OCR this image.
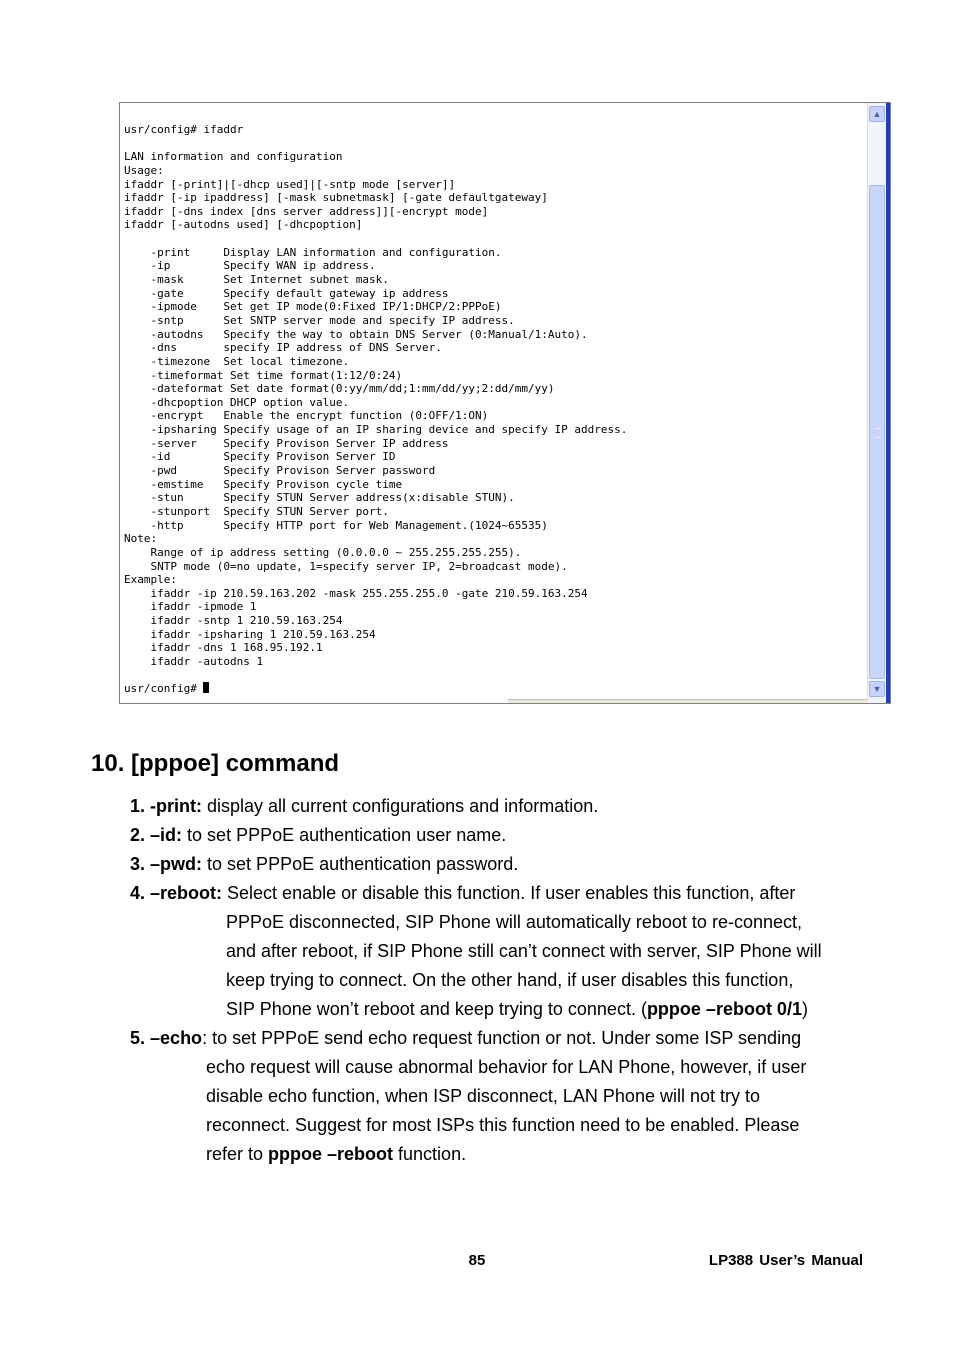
usr/config# ifaddr
LAN information and configuration
Usage:
ifaddr [-print]|[-dhcp used]|[-sntp mode [server]]
ifaddr [-ip ipaddress] [-mask subnetmask] [-gate defaultgateway]
ifaddr [-dns index [dns server address]][-encrypt mode]
ifaddr [-autodns used] [-dhcpoption]
-print     Display LAN information and configuration.
-ip        Specify WAN ip address.
-mask      Set Internet subnet mask.
-gate      Specify default gateway ip address
-ipmode    Set get IP mode(0:Fixed IP/1:DHCP/2:PPPoE)
-sntp      Set SNTP server mode and specify IP address.
-autodns   Specify the way to obtain DNS Server (0:Manual/1:Auto).
-dns       specify IP address of DNS Server.
-timezone  Set local timezone.
-timeformat Set time format(1:12/0:24)
-dateformat Set date format(0:yy/mm/dd;1:mm/dd/yy;2:dd/mm/yy)
-dhcpoption DHCP option value.
-encrypt   Enable the encrypt function (0:OFF/1:ON)
-ipsharing Specify usage of an IP sharing device and specify IP address.
-server    Specify Provison Server IP address
-id        Specify Provison Server ID
-pwd       Specify Provison Server password
-emstime   Specify Provison cycle time
-stun      Specify STUN Server address(x:disable STUN).
-stunport  Specify STUN Server port.
-http      Specify HTTP port for Web Management.(1024~65535)
Note:
Range of ip address setting (0.0.0.0 ~ 255.255.255.255).
SNTP mode (0=no update, 1=specify server IP, 2=broadcast mode).
Example:
ifaddr -ip 210.59.163.202 -mask 255.255.255.0 -gate 210.59.163.254
ifaddr -ipmode 1
ifaddr -sntp 1 210.59.163.254
ifaddr -ipsharing 1 210.59.163.254
ifaddr -dns 1 168.95.192.1
ifaddr -autodns 1
usr/config#
▲
▼
10. [pppoe] command
1. -print: display all current configurations and information.
2. –id: to set PPPoE authentication user name.
3. –pwd: to set PPPoE authentication password.
4. –reboot: Select enable or disable this function. If user enables this function, after
PPPoE disconnected, SIP Phone will automatically reboot to re-connect,
and after reboot, if SIP Phone still can’t connect with server, SIP Phone will
keep trying to connect. On the other hand, if user disables this function,
SIP Phone won’t reboot and keep trying to connect. (pppoe –reboot 0/1)
5. –echo: to set PPPoE send echo request function or not. Under some ISP sending
echo request will cause abnormal behavior for LAN Phone, however, if user
disable echo function, when ISP disconnect, LAN Phone will not try to
reconnect. Suggest for most ISPs this function need to be enabled. Please
refer to pppoe –reboot function.
85	LP388 User’s Manual
